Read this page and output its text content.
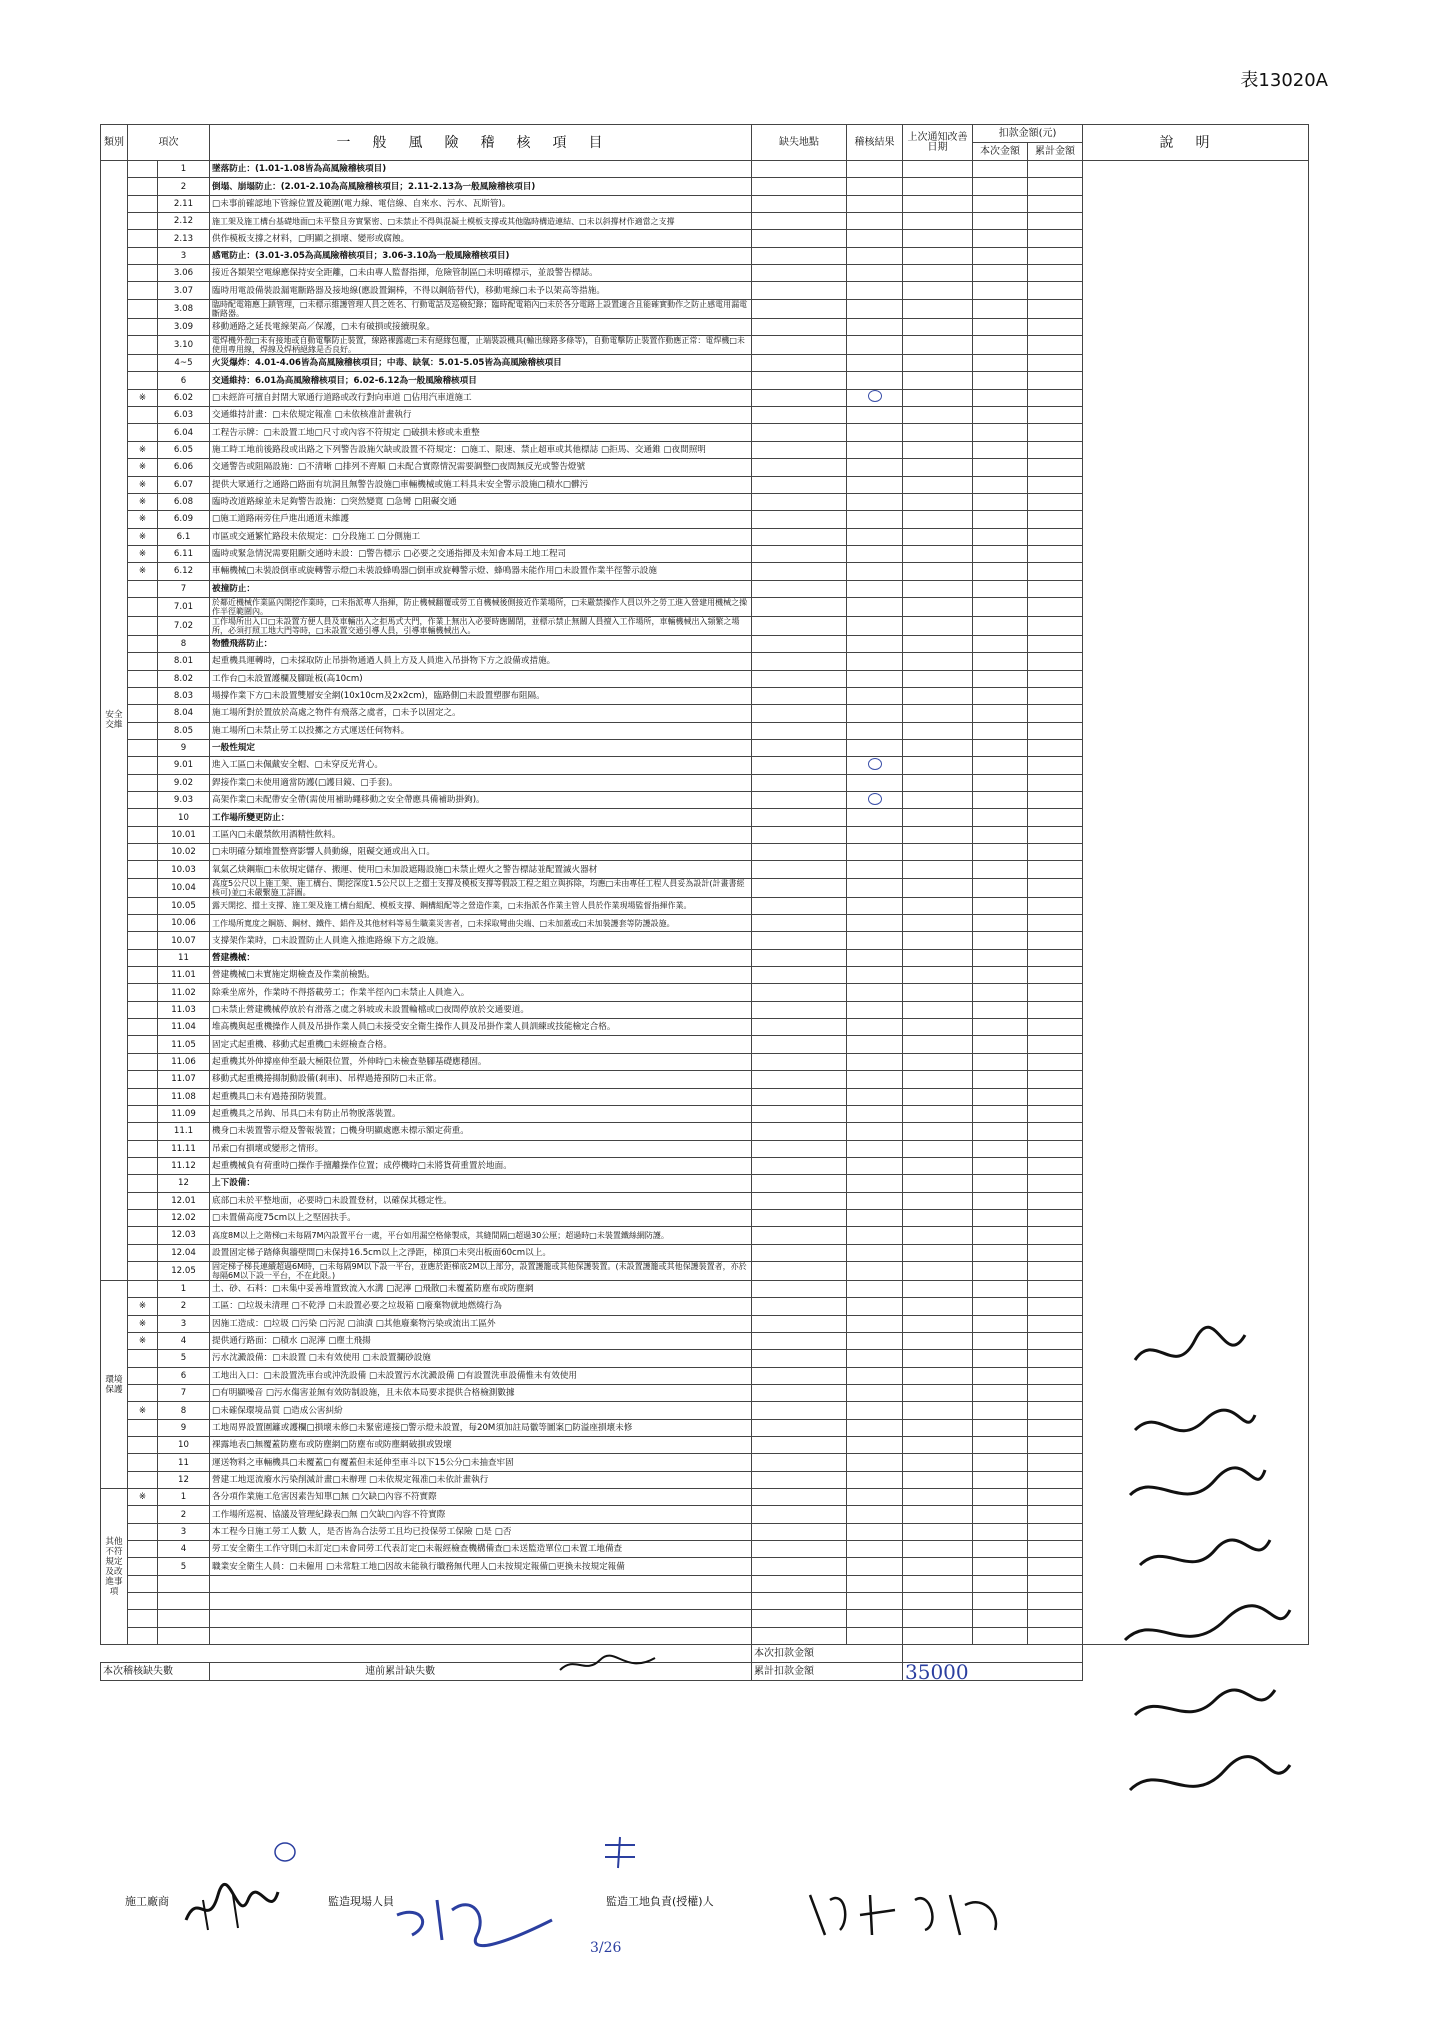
表13020A
類別	項次		一般風險稽核項目	缺失地點	稽核結果	上次通知改善日期	扣款金額(元)		說明
							本次金額	累計金額	
安全交維		1	墜落防止：(1.01-1.08皆為高風險稽核項目)						
		2	倒塌、崩塌防止：(2.01-2.10為高風險稽核項目；2.11-2.13為一般風險稽核項目)						
		2.11	□未事前確認地下管線位置及範圍(電力線、電信線、自來水、污水、瓦斯管)。						
		2.12	施工架及施工構台基礎地面□未平整且夯實緊密、□未禁止不得與混凝土模板支撐或其他臨時構造連結、□未以斜撐材作適當之支撐						
		2.13	供作模板支撐之材料，□明顯之損壞、變形或腐蝕。						
		3	感電防止：(3.01-3.05為高風險稽核項目；3.06-3.10為一般風險稽核項目)						
		3.06	接近各類架空電線應保持安全距離，□未由專人監督指揮，危險管制區□未明確標示，並設警告標誌。						
		3.07	臨時用電設備裝設漏電斷路器及接地線(應設置銅棒，不得以鋼筋替代)，移動電線□未予以架高等措施。						
		3.08	臨時配電箱應上鎖管理，□未標示維護管理人員之姓名、行動電話及巡檢紀錄；臨時配電箱內□未於各分電路上設置適合且能確實動作之防止感電用漏電斷路器。						
		3.09	移動通路之延長電線架高／保護，□未有破損或接續現象。						
		3.10	電焊機外殼□未有接地或自動電擊防止裝置，線路裸露處□未有絕緣包覆，止端裝設機具(輸出線路多條等)，自動電擊防止裝置作動應正常：電焊機□未使用專用線，焊線及焊柄絕緣是否良好。						
		4~5	火災爆炸：4.01-4.06皆為高風險稽核項目；中毒、缺氧：5.01-5.05皆為高風險稽核項目						
		6	交通維持：6.01為高風險稽核項目；6.02-6.12為一般風險稽核項目						
	※	6.02	□未經許可擅自封閉大眾通行道路或改行對向車道 □佔用汽車道施工						
		6.03	交通維持計畫：□未依規定報准 □未依核准計畫執行						
		6.04	工程告示牌：□未設置工地□尺寸或內容不符規定 □破損未修或未重整						
	※	6.05	施工時工地前後路段或出路之下列警告設施欠缺或設置不符規定：□施工、限速、禁止超車或其他標誌 □拒馬、交通錐 □夜間照明						
	※	6.06	交通警告或阻隔設施：□不清晰 □排列不齊順 □未配合實際情況需要調整□夜間無反光或警告燈號						
	※	6.07	提供大眾通行之通路□路面有坑洞且無警告設施□車輛機械或施工料具未安全警示設施□積水□髒污						
	※	6.08	臨時改道路線並未足夠警告設施：□突然變寬 □急彎 □阻礙交通						
	※	6.09	□施工道路兩旁住戶進出通道未維護						
	※	6.1	市區或交通繁忙路段未依規定：□分段施工 □分側施工						
	※	6.11	臨時或緊急情況需要阻斷交通時未設：□警告標示 □必要之交通指揮及未知會本局工地工程司						
	※	6.12	車輛機械□未裝設倒車或旋轉警示燈□未裝設蜂鳴器□倒車或旋轉警示燈、蜂鳴器未能作用□未設置作業半徑警示設施						
		7	被撞防止：						
		7.01	於鄰近機械作業區內開挖作業時，□未指派專人指揮，防止機械翻覆或勞工自機械後側接近作業場所，□未嚴禁操作人員以外之勞工進入營建用機械之操作半徑範圍內。						
		7.02	工作場所出入口□未設置方便人員及車輛出入之拒馬式大門，作業上無出入必要時應關閉，並標示禁止無關人員擅入工作場所，車輛機械出入頻繁之場所，必須打照工地大門等時，□未設置交通引導人員，引導車輛機械出入。						
		8	物體飛落防止：						
		8.01	起重機具運轉時，□未採取防止吊掛物通過人員上方及人員進入吊掛物下方之設備或措施。						
		8.02	工作台□未設置護欄及腳趾板(高10cm)						
		8.03	場撐作業下方□未設置雙層安全網(10x10cm及2x2cm)，臨路側□未設置塑膠布阻隔。						
		8.04	施工場所對於置放於高處之物件有飛落之虞者，□未予以固定之。						
		8.05	施工場所□未禁止勞工以投擲之方式運送任何物料。						
		9	一般性規定						
		9.01	進入工區□未佩戴安全帽、□未穿反光背心。						
		9.02	銲接作業□未使用適當防護(□護目鏡、□手套)。						
		9.03	高架作業□未配帶安全帶(需使用補助繩移動之安全帶應具備補助掛鉤)。						
		10	工作場所變更防止：						
		10.01	工區內□未嚴禁飲用酒精性飲料。						
		10.02	□未明確分類堆置整齊影響人員動線，阻礙交通或出入口。						
		10.03	氧氣乙炔鋼瓶□未依規定儲存、搬運、使用□未加設遮陽設施□未禁止煙火之警告標誌並配置滅火器材						
		10.04	高度5公尺以上施工架、施工構台、開挖深度1.5公尺以上之擋土支撐及模板支撐等假設工程之組立與拆除，均應□未由專任工程人員妥為設計(計畫書經核可)並□未嚴繫施工詳圖。						
		10.05	露天開挖、擋土支撐、施工架及施工構台組配、模板支撐、鋼構組配等之營造作業，□未指派各作業主管人員於作業現場監督指揮作業。						
		10.06	工作場所寬度之鋼筋、鋼材、鐵件、鋁件及其他材料等易生職業災害者，□未採取彎曲尖端、□未加蓋或□未加裝護套等防護設施。						
		10.07	支撐架作業時，□未設置防止人員進入推進路線下方之設施。						
		11	營建機械：						
		11.01	營建機械□未實施定期檢查及作業前檢點。						
		11.02	除乘坐席外，作業時不得搭載勞工；作業半徑內□未禁止人員進入。						
		11.03	□未禁止營建機械停放於有滑落之虞之斜坡或未設置輪檔或□夜間停放於交通要道。						
		11.04	堆高機與起重機操作人員及吊掛作業人員□未接受安全衛生操作人員及吊掛作業人員訓練或技能檢定合格。						
		11.05	固定式起重機、移動式起重機□未經檢查合格。						
		11.06	起重機其外伸撐座伸至最大極限位置，外伸時□未檢查墊腳基礎應穩固。						
		11.07	移動式起重機捲揚制動設備(剎車)、吊桿過捲預防□未正常。						
		11.08	起重機具□未有過捲預防裝置。						
		11.09	起重機具之吊鉤、吊具□未有防止吊物脫落裝置。						
		11.1	機身□未裝置警示燈及警報裝置；□機身明顯處應未標示額定荷重。						
		11.11	吊索□有損壞或變形之情形。						
		11.12	起重機械負有荷重時□操作手擅離操作位置；成停機時□未將貨荷重置於地面。						
		12	上下設備：						
		12.01	底部□未於平整地面，必要時□未設置登材，以確保其穩定性。						
		12.02	□未置備高度75cm以上之堅固扶手。						
		12.03	高度8M以上之階梯□未每隔7M內設置平台一處，平台如用漏空格條製成，其縫間隔□超過30公厘；超過時□未裝置鐵絲網防護。						
		12.04	設置固定梯子踏條與牆壁間□未保持16.5cm以上之淨距，梯頂□未突出板面60cm以上。						
		12.05	固定梯子梯長連續超過6M時，□未每隔9M以下設一平台，並應於距梯底2M以上部分，設置護籠或其他保護裝置。(未設置護籠或其他保護裝置者，亦於每隔6M以下設一平台，不在此限。)						
環境保護		1	土、砂、石料：□未集中妥善堆置致流入水溝 □泥濘 □飛散□未覆蓋防塵布或防塵網						
	※	2	工區：□垃圾未清理 □不乾淨 □未設置必要之垃圾箱 □廢棄物就地燃燒行為						
	※	3	因施工造成：□垃圾 □污染 □污泥 □油漬 □其他廢棄物污染或流出工區外						
	※	4	提供通行路面：□積水 □泥濘 □塵土飛揚						
		5	污水沈澱設備：□未設置 □未有效使用 □未設置攔砂設施						
		6	工地出入口：□未設置洗車台或沖洗設備 □未設置污水沈澱設備 □有設置洗車設備惟未有效使用						
		7	□有明顯噪音 □污水傷害並無有效防制設施，且未依本局要求提供合格檢測數據						
	※	8	□未確保環境品質 □造成公害糾紛						
		9	工地周界設置圍籬或護欄□損壞未修□未緊密連接□警示燈未設置，每20M須加註局徽等圖案□防溢座損壞未修						
		10	裸露地表□無覆蓋防塵布或防塵網□防塵布或防塵網破損或毀壞						
		11	運送物料之車輛機具□未覆蓋□有覆蓋但未延伸至車斗以下15公分□未抽查牢固						
		12	營建工地逕流廢水污染削減計畫□未辦理 □未依規定報准□未依計畫執行						
其他不符規定及改進事項	※	1	各分項作業施工危害因素告知單□無 □欠缺□內容不符實際						
		2	工作場所巡視、協議及管理紀錄表□無 □欠缺□內容不符實際						
		3	本工程今日施工勞工人數 人，是否皆為合法勞工且均已投保勞工保險 □是 □否						
		4	勞工安全衛生工作守則□未訂定□未會同勞工代表訂定□未報經檢查機構備查□未送監造單位□未置工地備查						
		5	職業安全衛生人員：□未僱用 □未常駐工地□因故未能執行職務無代理人□未按規定報備□更換未按規定報備						

				本次扣款金額					
本次稽核缺失數			連前累計缺失數	累計扣款金額		35000			
施工廠商	監造現場人員	監造工地負責(授權)人
3/26
